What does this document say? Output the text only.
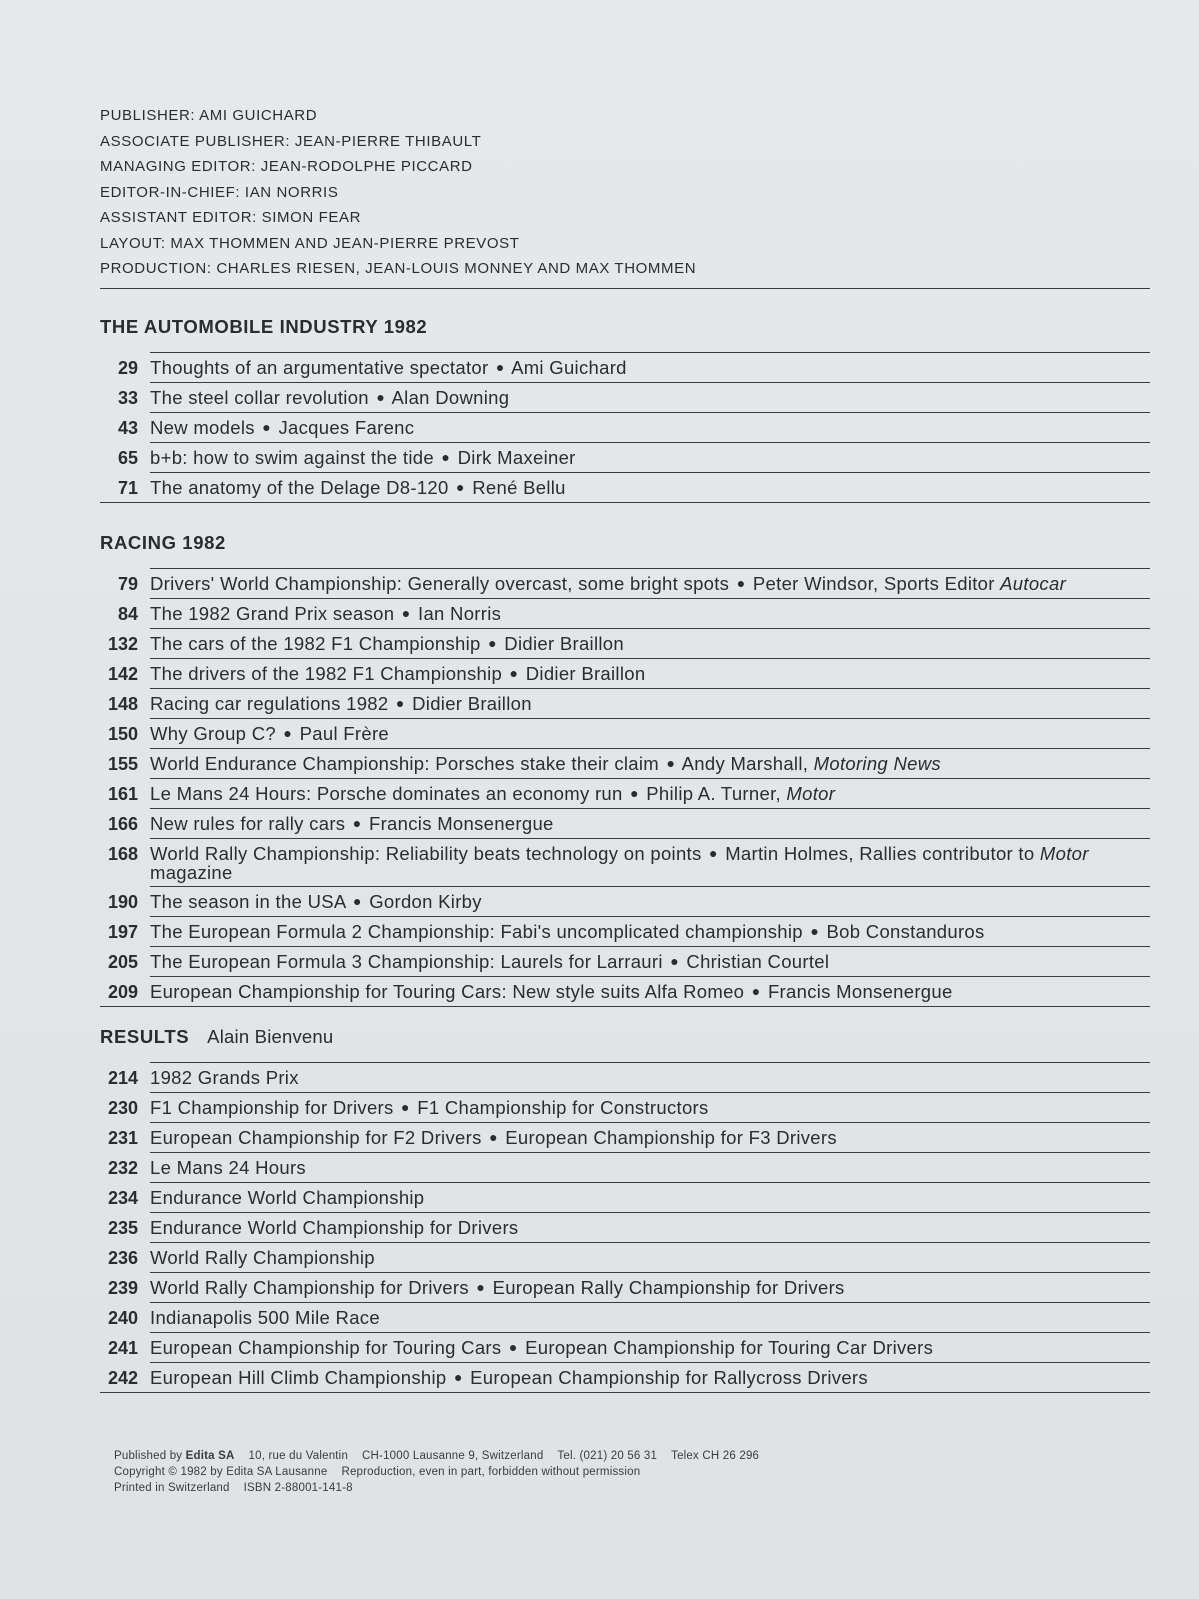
PUBLISHER: AMI GUICHARD
ASSOCIATE PUBLISHER: JEAN-PIERRE THIBAULT
MANAGING EDITOR: JEAN-RODOLPHE PICCARD
EDITOR-IN-CHIEF: IAN NORRIS
ASSISTANT EDITOR: SIMON FEAR
LAYOUT: MAX THOMMEN AND JEAN-PIERRE PREVOST
PRODUCTION: CHARLES RIESEN, JEAN-LOUIS MONNEY AND MAX THOMMEN
THE AUTOMOBILE INDUSTRY 1982
29 Thoughts of an argumentative spectator ● Ami Guichard
33 The steel collar revolution ● Alan Downing
43 New models ● Jacques Farenc
65 b+b: how to swim against the tide ● Dirk Maxeiner
71 The anatomy of the Delage D8-120 ● René Bellu
RACING 1982
79 Drivers' World Championship: Generally overcast, some bright spots ● Peter Windsor, Sports Editor Autocar
84 The 1982 Grand Prix season ● Ian Norris
132 The cars of the 1982 F1 Championship ● Didier Braillon
142 The drivers of the 1982 F1 Championship ● Didier Braillon
148 Racing car regulations 1982 ● Didier Braillon
150 Why Group C? ● Paul Frère
155 World Endurance Championship: Porsches stake their claim ● Andy Marshall, Motoring News
161 Le Mans 24 Hours: Porsche dominates an economy run ● Philip A. Turner, Motor
166 New rules for rally cars ● Francis Monsenergue
168 World Rally Championship: Reliability beats technology on points ● Martin Holmes, Rallies contributor to Motor magazine
190 The season in the USA ● Gordon Kirby
197 The European Formula 2 Championship: Fabi's uncomplicated championship ● Bob Constanduros
205 The European Formula 3 Championship: Laurels for Larrauri ● Christian Courtel
209 European Championship for Touring Cars: New style suits Alfa Romeo ● Francis Monsenergue
RESULTS Alain Bienvenu
214 1982 Grands Prix
230 F1 Championship for Drivers ● F1 Championship for Constructors
231 European Championship for F2 Drivers ● European Championship for F3 Drivers
232 Le Mans 24 Hours
234 Endurance World Championship
235 Endurance World Championship for Drivers
236 World Rally Championship
239 World Rally Championship for Drivers ● European Rally Championship for Drivers
240 Indianapolis 500 Mile Race
241 European Championship for Touring Cars ● European Championship for Touring Car Drivers
242 European Hill Climb Championship ● European Championship for Rallycross Drivers
Published by Edita SA 10, rue du Valentin CH-1000 Lausanne 9, Switzerland Tel. (021) 20 56 31 Telex CH 26 296
Copyright © 1982 by Edita SA Lausanne Reproduction, even in part, forbidden without permission
Printed in Switzerland ISBN 2-88001-141-8
